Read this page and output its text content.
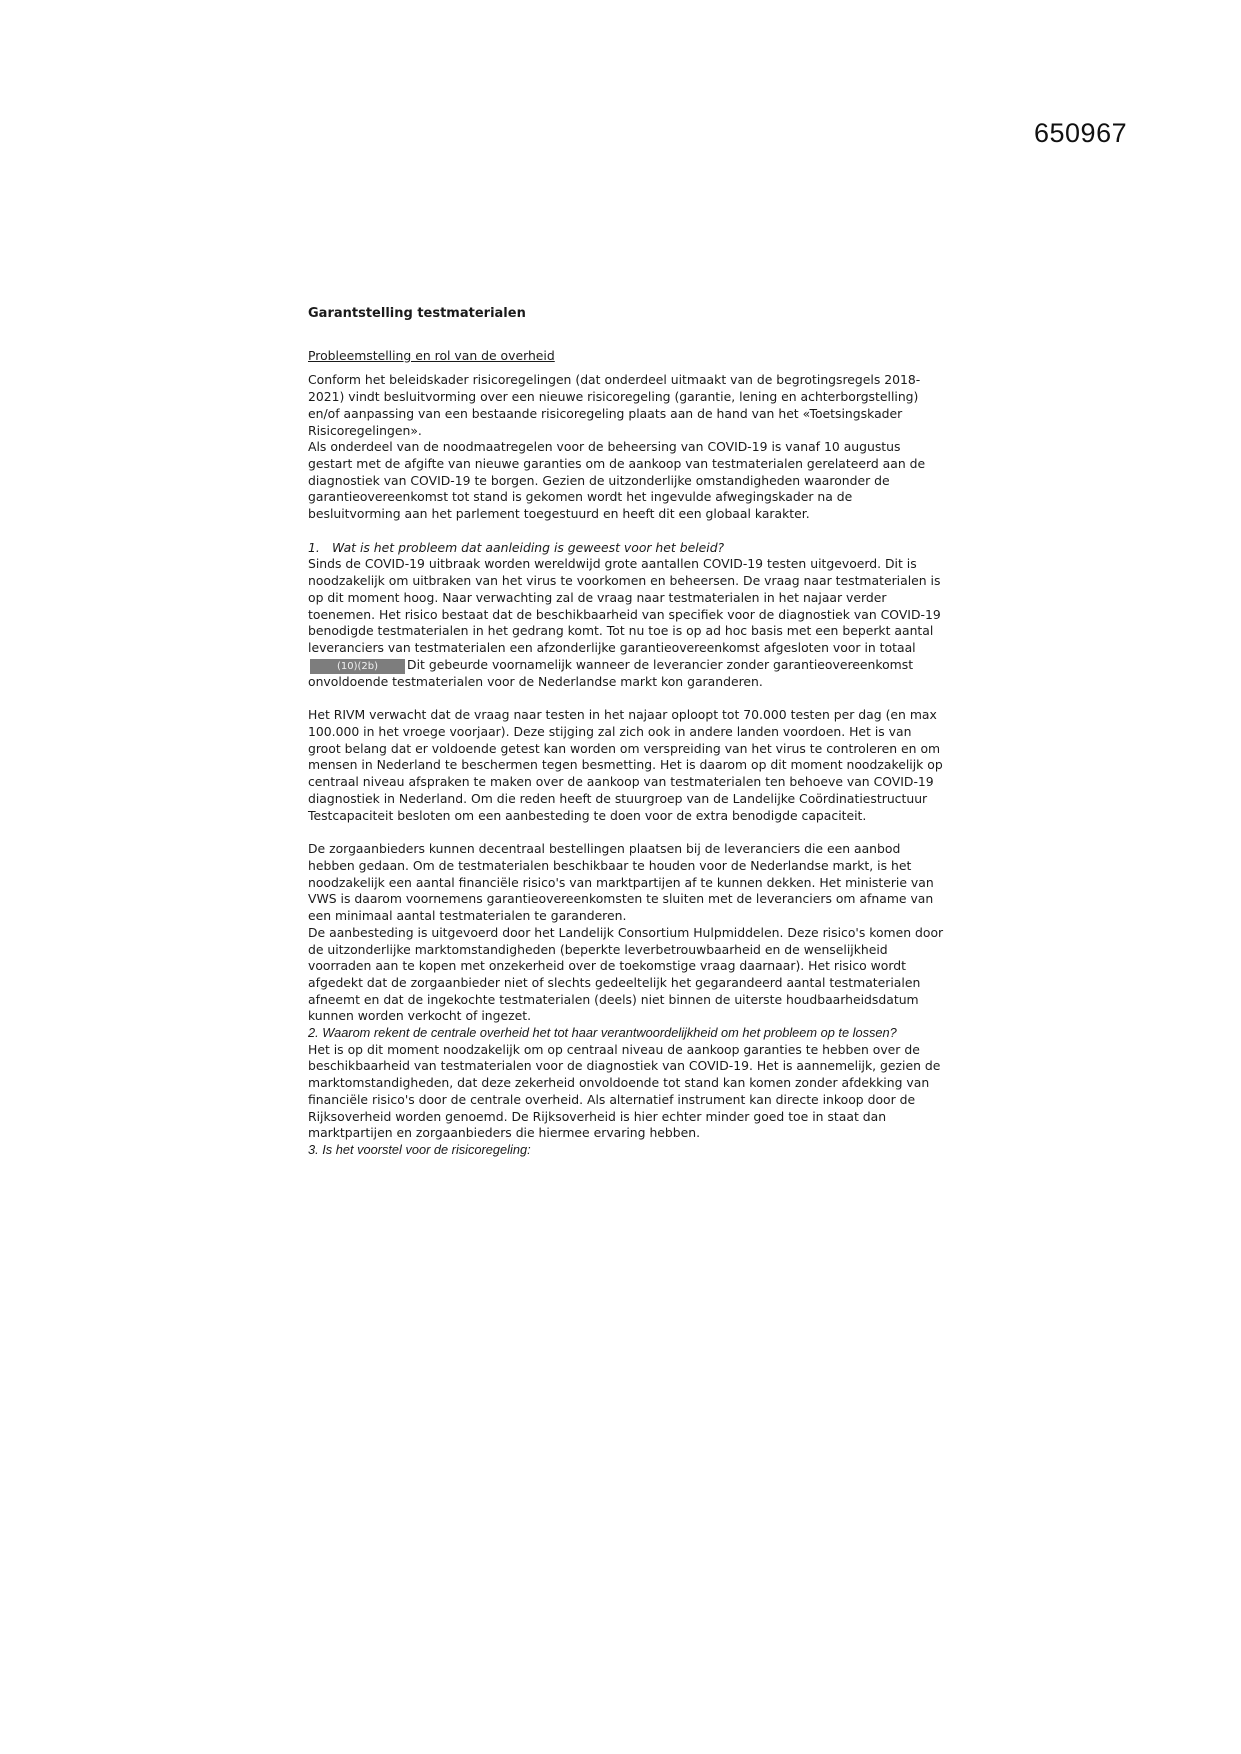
650967
Garantstelling testmaterialen
Probleemstelling en rol van de overheid

Conform het beleidskader risicoregelingen (dat onderdeel uitmaakt van de begrotingsregels 2018-2021) vindt besluitvorming over een nieuwe risicoregeling (garantie, lening en achterborgstelling) en/of aanpassing van een bestaande risicoregeling plaats aan de hand van het «Toetsingskader Risicoregelingen».

Als onderdeel van de noodmaatregelen voor de beheersing van COVID-19 is vanaf 10 augustus gestart met de afgifte van nieuwe garanties om de aankoop van testmaterialen gerelateerd aan de diagnostiek van COVID-19 te borgen. Gezien de uitzonderlijke omstandigheden waaronder de garantieovereenkomst tot stand is gekomen wordt het ingevulde afwegingskader na de besluitvorming aan het parlement toegestuurd en heeft dit een globaal karakter.

1. Wat is het probleem dat aanleiding is geweest voor het beleid?

Sinds de COVID-19 uitbraak worden wereldwijd grote aantallen COVID-19 testen uitgevoerd. Dit is noodzakelijk om uitbraken van het virus te voorkomen en beheersen. De vraag naar testmaterialen is op dit moment hoog. Naar verwachting zal de vraag naar testmaterialen in het najaar verder toenemen. Het risico bestaat dat de beschikbaarheid van specifiek voor de diagnostiek van COVID-19 benodigde testmaterialen in het gedrang komt. Tot nu toe is op ad hoc basis met een beperkt aantal leveranciers van testmaterialen een afzonderlijke garantieovereenkomst afgesloten voor in totaal(10)(2b) Dit gebeurde voornamelijk wanneer de leverancier zonder garantieovereenkomst onvoldoende testmaterialen voor de Nederlandse markt kon garanderen.

Het RIVM verwacht dat de vraag naar testen in het najaar oploopt tot 70.000 testen per dag (en max 100.000 in het vroege voorjaar). Deze stijging zal zich ook in andere landen voordoen. Het is van groot belang dat er voldoende getest kan worden om verspreiding van het virus te controleren en om mensen in Nederland te beschermen tegen besmetting. Het is daarom op dit moment noodzakelijk op centraal niveau afspraken te maken over de aankoop van testmaterialen ten behoeve van COVID-19 diagnostiek in Nederland. Om die reden heeft de stuurgroep van de Landelijke Coördinatiestructuur Testcapaciteit besloten om een aanbesteding te doen voor de extra benodigde capaciteit.

De zorgaanbieders kunnen decentraal bestellingen plaatsen bij de leveranciers die een aanbod hebben gedaan. Om de testmaterialen beschikbaar te houden voor de Nederlandse markt, is het noodzakelijk een aantal financiële risico's van marktpartijen af te kunnen dekken. Het ministerie van VWS is daarom voornemens garantieovereenkomsten te sluiten met de leveranciers om afname van een minimaal aantal testmaterialen te garanderen.

De aanbesteding is uitgevoerd door het Landelijk Consortium Hulpmiddelen. Deze risico's komen door de uitzonderlijke marktomstandigheden (beperkte leverbetrouwbaarheid en de wenselijkheid voorraden aan te kopen met onzekerheid over de toekomstige vraag daarnaar). Het risico wordt afgedekt dat de zorgaanbieder niet of slechts gedeeltelijk het gegarandeerd aantal testmaterialen afneemt en dat de ingekochte testmaterialen (deels) niet binnen de uiterste houdbaarheidsdatum kunnen worden verkocht of ingezet.

2. Waarom rekent de centrale overheid het tot haar verantwoordelijkheid om het probleem op te lossen?

Het is op dit moment noodzakelijk om op centraal niveau de aankoop garanties te hebben over de beschikbaarheid van testmaterialen voor de diagnostiek van COVID-19. Het is aannemelijk, gezien de marktomstandigheden, dat deze zekerheid onvoldoende tot stand kan komen zonder afdekking van financiële risico's door de centrale overheid. Als alternatief instrument kan directe inkoop door de Rijksoverheid worden genoemd. De Rijksoverheid is hier echter minder goed toe in staat dan marktpartijen en zorgaanbieders die hiermee ervaring hebben.

3. Is het voorstel voor de risicoregeling:
